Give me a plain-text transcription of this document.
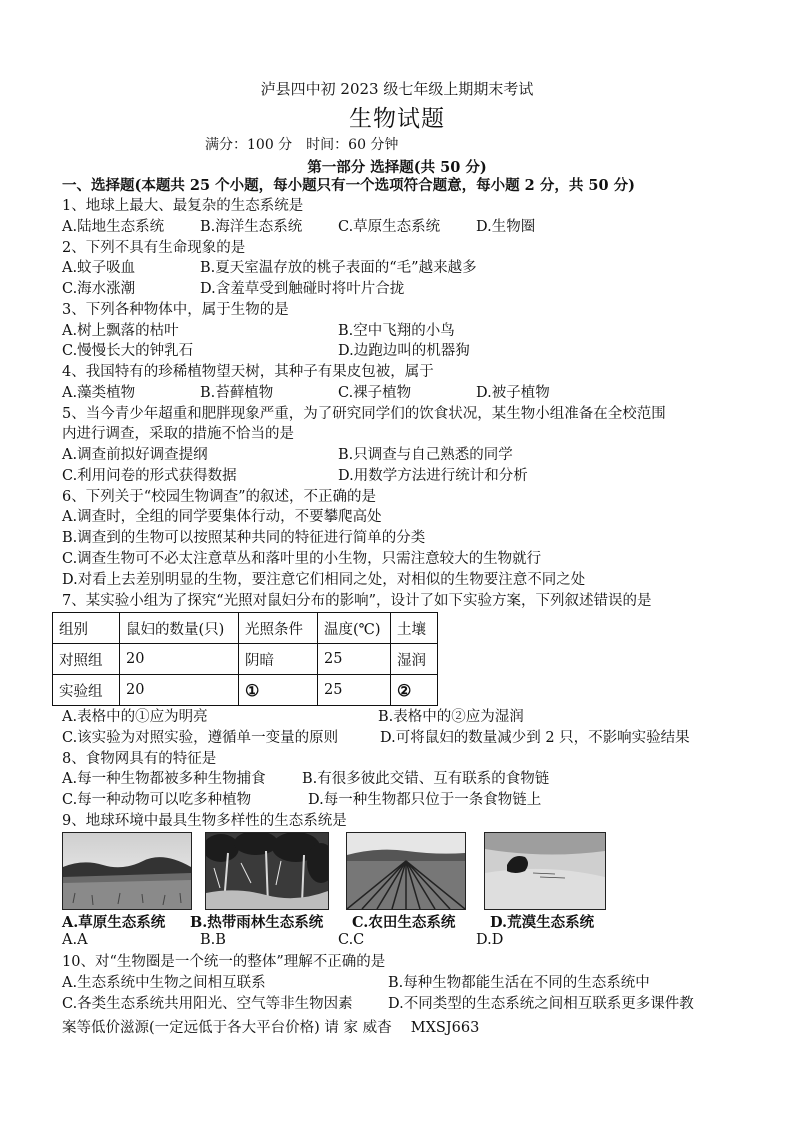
泸县四中初 2023 级七年级上期期末考试
生物试题
满分：100 分　时间：60 分钟
第一部分 选择题(共 50 分)
一、选择题(本题共 25 个小题，每小题只有一个选项符合题意，每小题 2 分，共 50 分)
1、地球上最大、最复杂的生态系统是
A.陆地生态系统 B.海洋生态系统 C.草原生态系统 D.生物圈
2、下列不具有生命现象的是
A.蚊子吸血	B.夏天室温存放的桃子表面的“毛”越来越多
C.海水涨潮	D.含羞草受到触碰时将叶片合拢
3、下列各种物体中，属于生物的是
A.树上飘落的枯叶	B.空中飞翔的小鸟
C.慢慢长大的钟乳石	D.边跑边叫的机器狗
4、我国特有的珍稀植物望天树，其种子有果皮包被，属于
A.藻类植物	B.苔藓植物	C.裸子植物	D.被子植物
5、当今青少年超重和肥胖现象严重，为了研究同学们的饮食状况，某生物小组准备在全校范围
内进行调查，采取的措施不恰当的是
A.调查前拟好调查提纲	B.只调查与自己熟悉的同学
C.利用问卷的形式获得数据	D.用数学方法进行统计和分析
6、下列关于“校园生物调查”的叙述，不正确的是
A.调查时，全组的同学要集体行动，不要攀爬高处
B.调查到的生物可以按照某种共同的特征进行简单的分类
C.调查生物可不必太注意草丛和落叶里的小生物，只需注意较大的生物就行
D.对看上去差别明显的生物，要注意它们相同之处，对相似的生物要注意不同之处
7、某实验小组为了探究“光照对鼠妇分布的影响”，设计了如下实验方案，下列叙述错误的是
组别	鼠妇的数量(只)	光照条件	温度(℃)	土壤
对照组	20	阴暗	25	湿润
实验组	20	①	25	②
A.表格中的①应为明亮	B.表格中的②应为湿润
C.该实验为对照实验，遵循单一变量的原则	D.可将鼠妇的数量减少到 2 只，不影响实验结果
8、食物网具有的特征是
A.每一种生物都被多种生物捕食	B.有很多彼此交错、互有联系的食物链
C.每一种动物可以吃多种植物	D.每一种生物都只位于一条食物链上
9、地球环境中最具生物多样性的生态系统是
A.草原生态系统 B.热带雨林生态系统 C.农田生态系统 D.荒漠生态系统
A.A	B.B	C.C	D.D
10、对“生物圈是一个统一的整体”理解不正确的是
A.生态系统中生物之间相互联系	B.每种生物都能生活在不同的生态系统中
C.各类生态系统共用阳光、空气等非生物因素 D.不同类型的生态系统之间相互联系更多课件教
案等低价滋源(一定远低于各大平台价格) 请 家 威杳　 MXSJ663
